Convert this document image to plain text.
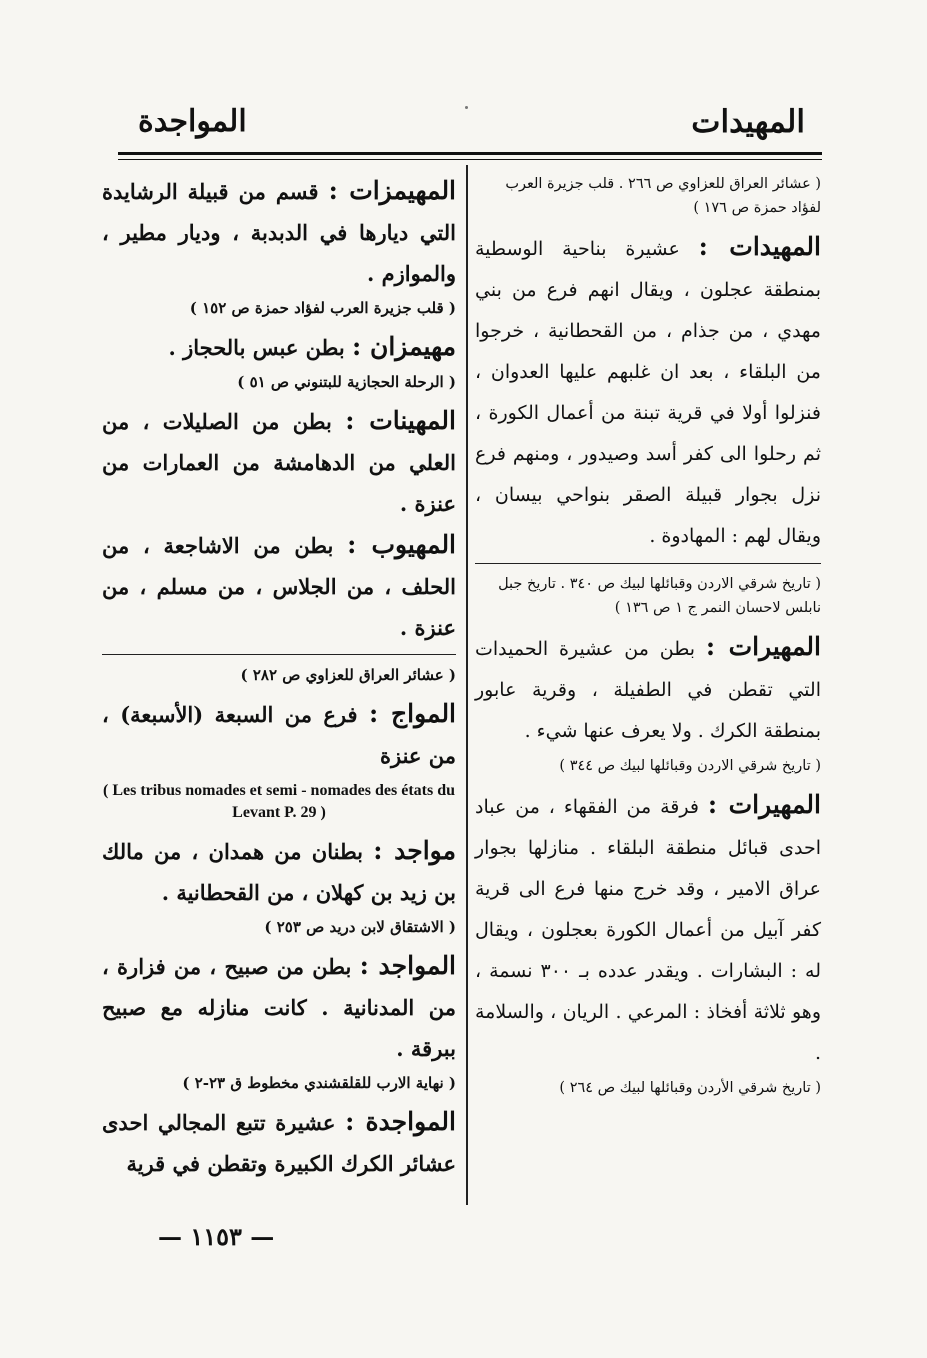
المهيدات
المواجدة
( عشائر العراق للعزاوي ص ٢٦٦ . قلب جزيرة العرب لفؤاد حمزة ص ١٧٦ )
المهيدات : عشيرة بناحية الوسطية بمنطقة عجلون ، ويقال انهم فرع من بني مهدي ، من جذام ، من القحطانية ، خرجوا من البلقاء ، بعد ان غلبهم عليها العدوان ، فنزلوا أولا في قرية تبنة من أعمال الكورة ، ثم رحلوا الى كفر أسد وصيدور ، ومنهم فرع نزل بجوار قبيلة الصقر بنواحي بيسان ، ويقال لهم : المهادوة .
( تاريخ شرقي الاردن وقبائلها لبيك ص ٣٤٠ . تاريخ جبل نابلس لاحسان النمر ج ١ ص ١٣٦ )
المهيرات : بطن من عشيرة الحميدات التي تقطن في الطفيلة ، وقرية عابور بمنطقة الكرك . ولا يعرف عنها شيء .
( تاريخ شرقي الاردن وقبائلها لبيك ص ٣٤٤ )
المهيرات : فرقة من الفقهاء ، من عباد احدى قبائل منطقة البلقاء . منازلها بجوار عراق الامير ، وقد خرج منها فرع الى قرية كفر آبيل من أعمال الكورة بعجلون ، ويقال له : البشارات . ويقدر عدده بـ ٣٠٠ نسمة ، وهو ثلاثة أفخاذ : المرعي . الريان ، والسلامة .
( تاريخ شرقي الأردن وقبائلها لبيك ص ٢٦٤ )
المهيمزات : قسم من قبيلة الرشايدة التي ديارها في الدبدبة ، وديار مطير ، والموازم .
( قلب جزيرة العرب لفؤاد حمزة ص ١٥٢ )
مهيمزان : بطن عبس بالحجاز .
( الرحلة الحجازية للبتنوني ص ٥١ )
المهينات : بطن من الصليلات ، من العلي من الدهامشة من العمارات من عنزة .
المهيوب : بطن من الاشاجعة ، من الحلف ، من الجلاس ، من مسلم ، من عنزة .
( عشائر العراق للعزاوي ص ٢٨٢ )
المواج : فرع من السبعة (الأسبعة) ، من عنزة
( Les tribus nomades et semi - nomades des états du Levant P. 29 )
مواجد : بطنان من همدان ، من مالك بن زيد بن كهلان ، من القحطانية .
( الاشتقاق لابن دريد ص ٢٥٣ )
المواجد : بطن من صبيح ، من فزارة ، من المدنانية . كانت منازله مع صبيح ببرقة .
( نهاية الارب للقلقشندي مخطوط ق ٢٣-٢ )
المواجدة : عشيرة تتبع المجالي احدى عشائر الكرك الكبيرة وتقطن في قرية
— ١١٥٣ —
